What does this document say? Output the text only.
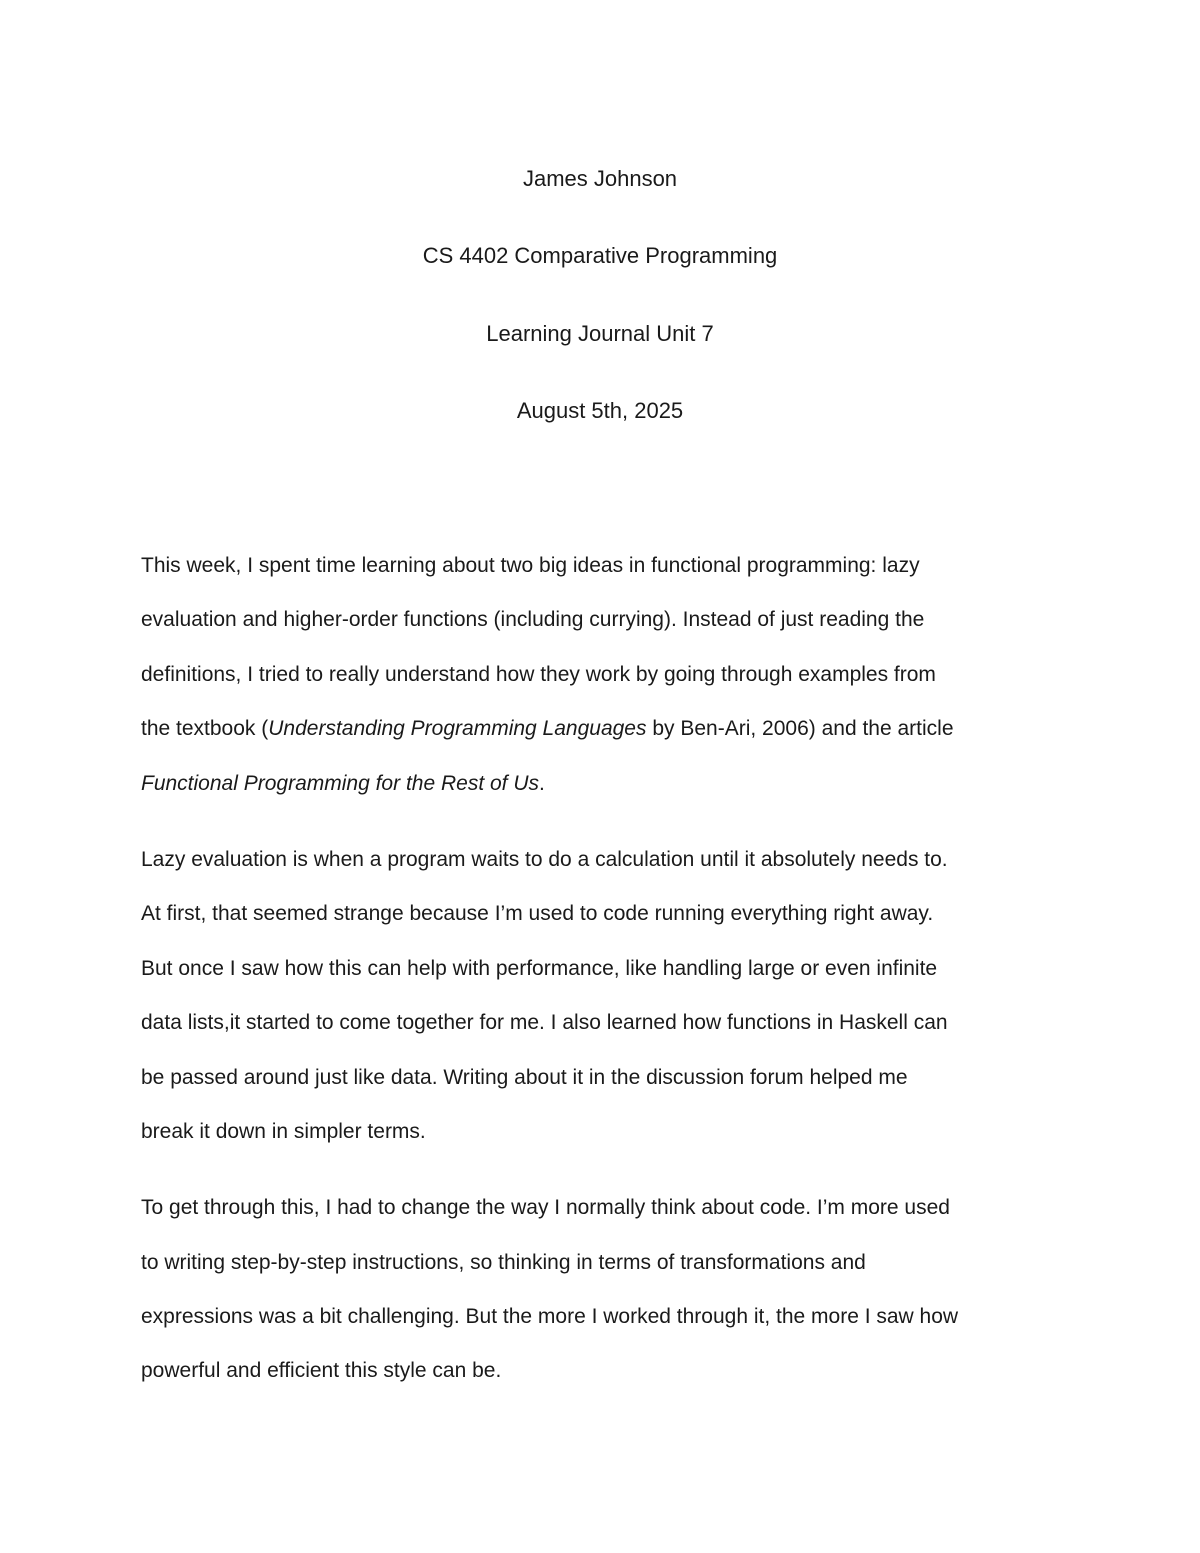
James Johnson
CS 4402 Comparative Programming
Learning Journal Unit 7
August 5th, 2025
This week, I spent time learning about two big ideas in functional programming: lazy
evaluation and higher-order functions (including currying). Instead of just reading the
definitions, I tried to really understand how they work by going through examples from
the textbook (Understanding Programming Languages by Ben-Ari, 2006) and the article
Functional Programming for the Rest of Us.
Lazy evaluation is when a program waits to do a calculation until it absolutely needs to.
At first, that seemed strange because I’m used to code running everything right away.
But once I saw how this can help with performance, like handling large or even infinite
data lists,it started to come together for me. I also learned how functions in Haskell can
be passed around just like data. Writing about it in the discussion forum helped me
break it down in simpler terms.
To get through this, I had to change the way I normally think about code. I’m more used
to writing step-by-step instructions, so thinking in terms of transformations and
expressions was a bit challenging. But the more I worked through it, the more I saw how
powerful and efficient this style can be.
